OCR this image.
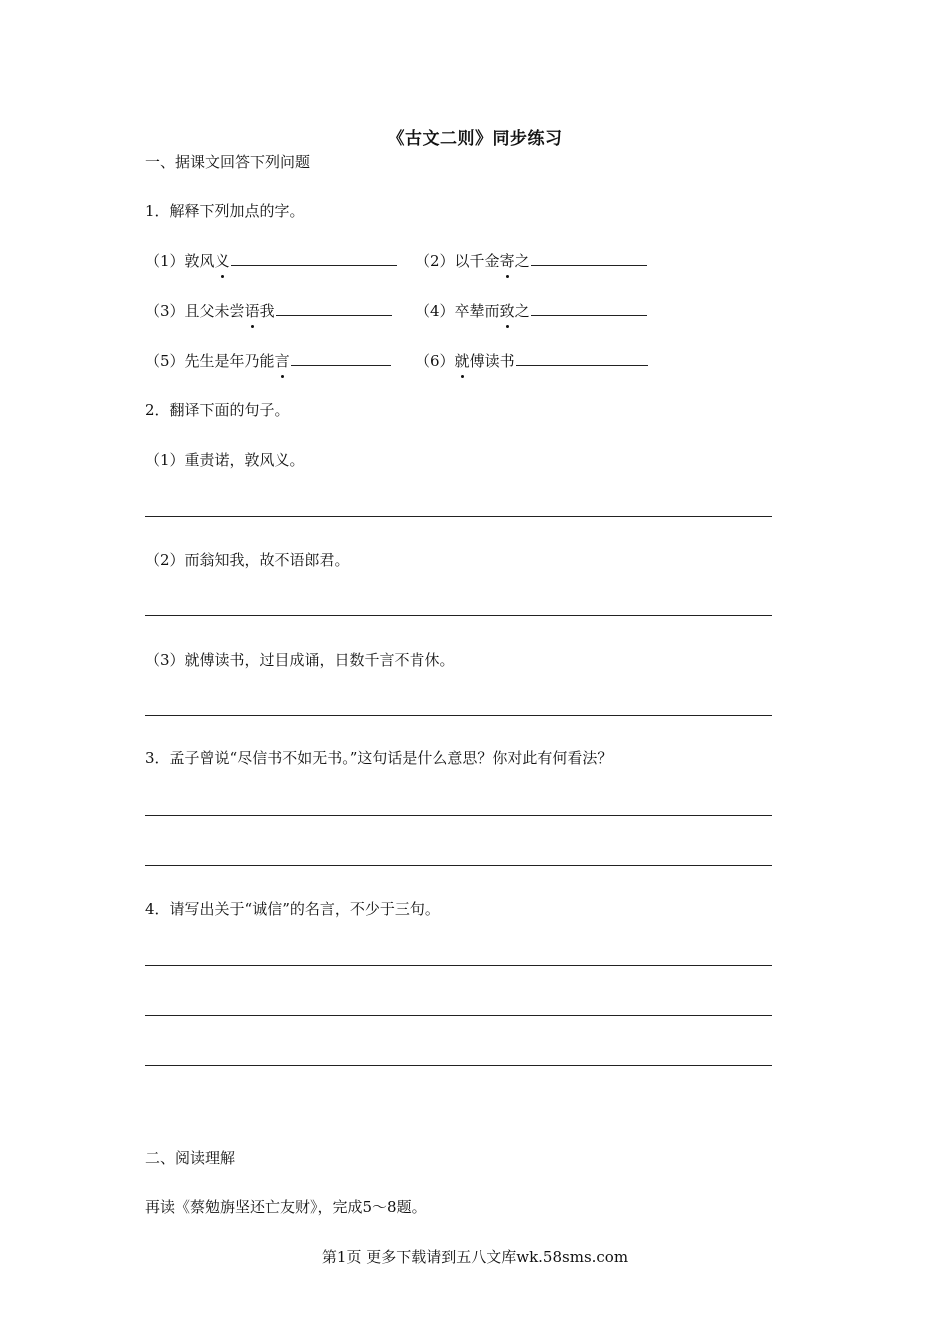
《古文二则》同步练习
一、据课文回答下列问题
1．解释下列加点的字。
（1）敦风义	（2）以千金寄之
（3）且父未尝语我	（4）卒辇而致之
（5）先生是年乃能言	（6）就傅读书
2．翻译下面的句子。
（1）重责诺，敦风义。
（2）而翁知我，故不语郎君。
（3）就傅读书，过目成诵，日数千言不肯休。
3．孟子曾说“尽信书不如无书。”这句话是什么意思？你对此有何看法？
4．请写出关于“诚信”的名言，不少于三句。
二、阅读理解
再读《蔡勉旃坚还亡友财》，完成5～8题。
第1页 更多下载请到五八文库wk.58sms.com
